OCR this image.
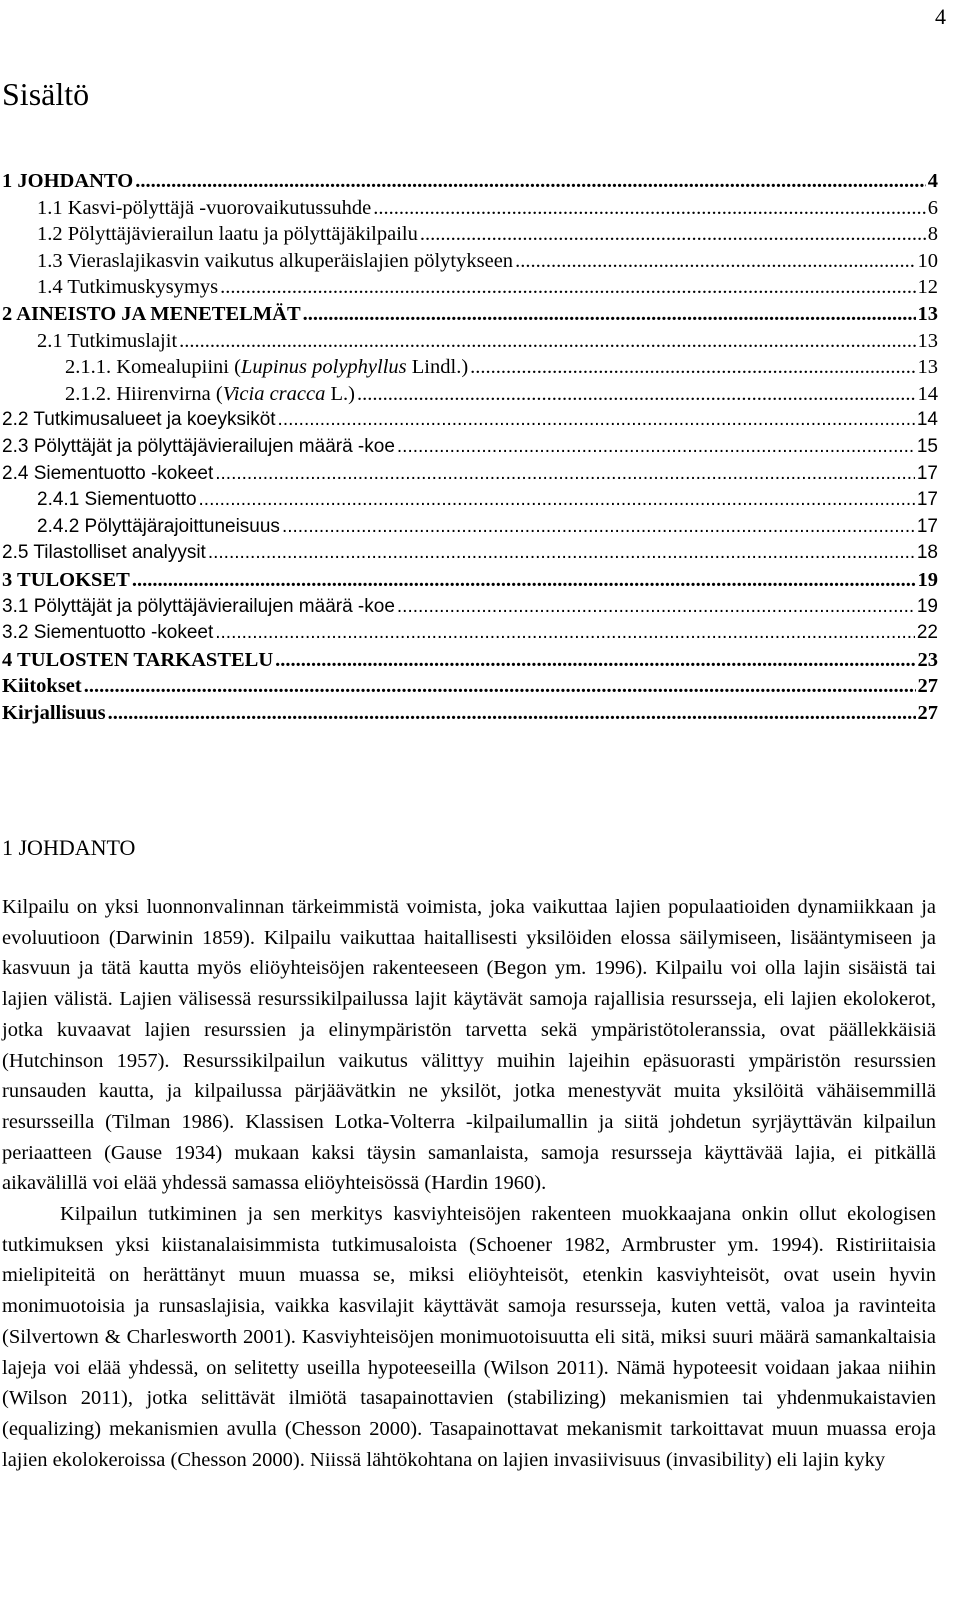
4
Sisältö
1 JOHDANTO .....	4
1.1 Kasvi-pölyttäjä -vuorovaikutussuhde .....	6
1.2 Pölyttäjävierailun laatu ja pölyttäjäkilpailu .....	8
1.3 Vieraslajikasvin vaikutus alkuperäislajien pölytykseen .....	10
1.4 Tutkimuskysymys .....	12
2 AINEISTO JA MENETELMÄT .....	13
2.1 Tutkimuslajit .....	13
2.1.1. Komealupiini (Lupinus polyphyllus Lindl.) .....	13
2.1.2. Hiirenvirna (Vicia cracca L.) .....	14
2.2 Tutkimusalueet ja koeyksiköt .....	14
2.3 Pölyttäjät ja pölyttäjävierailujen määrä -koe .....	15
2.4 Siementuotto -kokeet .....	17
2.4.1 Siementuotto .....	17
2.4.2 Pölyttäjärajoittuneisuus .....	17
2.5 Tilastolliset analyysit .....	18
3 TULOKSET .....	19
3.1 Pölyttäjät ja pölyttäjävierailujen määrä -koe .....	19
3.2 Siementuotto -kokeet .....	22
4 TULOSTEN TARKASTELU .....	23
Kiitokset .....	27
Kirjallisuus .....	27
1 JOHDANTO

Kilpailu on yksi luonnonvalinnan tärkeimmistä voimista, joka vaikuttaa lajien populaatioiden dynamiikkaan ja evoluutioon (Darwinin 1859). Kilpailu vaikuttaa haitallisesti yksilöiden elossa säilymiseen, lisääntymiseen ja kasvuun ja tätä kautta myös eliöyhteisöjen rakenteeseen (Begon ym. 1996). Kilpailu voi olla lajin sisäistä tai lajien välistä. Lajien välisessä resurssikilpailussa lajit käytävät samoja rajallisia resursseja, eli lajien ekolokerot, jotka kuvaavat lajien resurssien ja elinympäristön tarvetta sekä ympäristötoleranssia, ovat päällekkäisiä (Hutchinson 1957). Resurssikilpailun vaikutus välittyy muihin lajeihin epäsuorasti ympäristön resurssien runsauden kautta, ja kilpailussa pärjäävätkin ne yksilöt, jotka menestyvät muita yksilöitä vähäisemmillä resursseilla (Tilman 1986). Klassisen Lotka-Volterra -kilpailumallin ja siitä johdetun syrjäyttävän kilpailun periaatteen (Gause 1934) mukaan kaksi täysin samanlaista, samoja resursseja käyttävää lajia, ei pitkällä aikavälillä voi elää yhdessä samassa eliöyhteisössä (Hardin 1960).

Kilpailun tutkiminen ja sen merkitys kasviyhteisöjen rakenteen muokkaajana onkin ollut ekologisen tutkimuksen yksi kiistanalaisimmista tutkimusaloista (Schoener 1982, Armbruster ym. 1994). Ristiriitaisia mielipiteitä on herättänyt muun muassa se, miksi eliöyhteisöt, etenkin kasviyhteisöt, ovat usein hyvin monimuotoisia ja runsaslajisia, vaikka kasvilajit käyttävät samoja resursseja, kuten vettä, valoa ja ravinteita (Silvertown & Charlesworth 2001). Kasviyhteisöjen monimuotoisuutta eli sitä, miksi suuri määrä samankaltaisia lajeja voi elää yhdessä, on selitetty useilla hypoteeseilla (Wilson 2011). Nämä hypoteesit voidaan jakaa niihin (Wilson 2011), jotka selittävät ilmiötä tasapainottavien (stabilizing) mekanismien tai yhdenmukaistavien (equalizing) mekanismien avulla (Chesson 2000). Tasapainottavat mekanismit tarkoittavat muun muassa eroja lajien ekolokeroissa (Chesson 2000). Niissä lähtökohtana on lajien invasiivisuus (invasibility) eli lajin kyky
